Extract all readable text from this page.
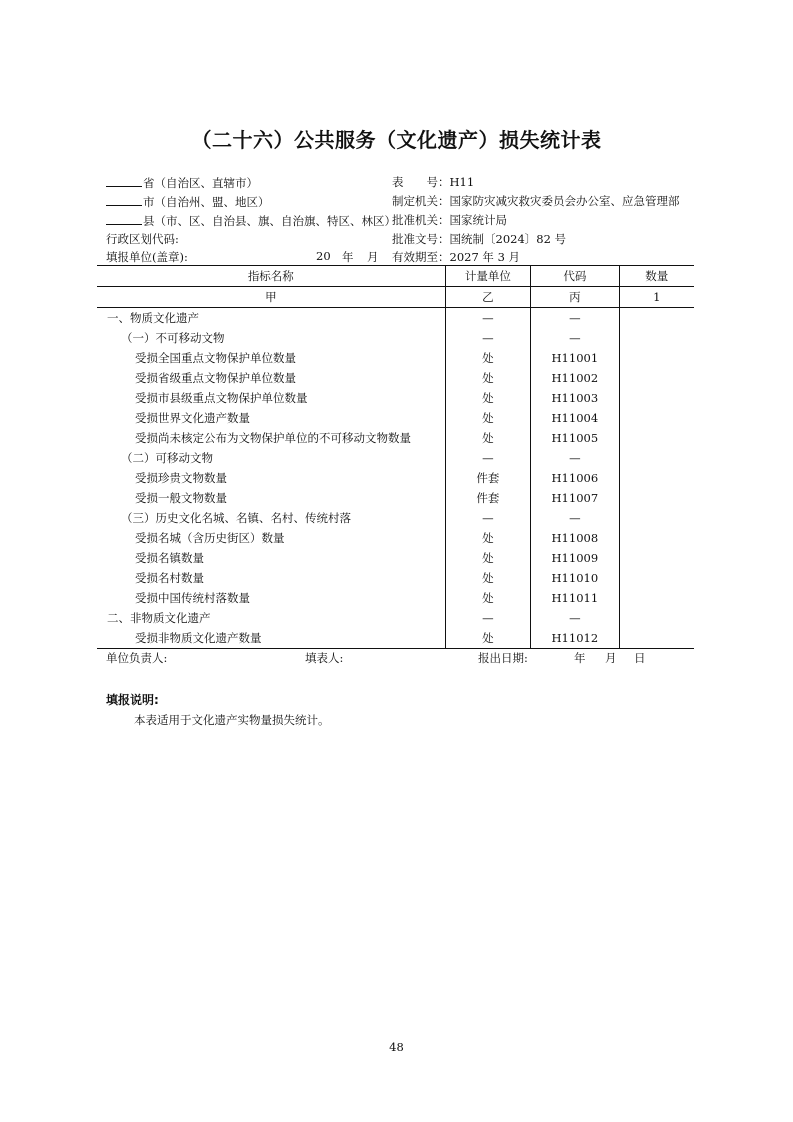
（二十六）公共服务（文化遗产）损失统计表
省（自治区、直辖市）
市（自治州、盟、地区）
县（市、区、自治县、旗、自治旗、特区、林区）
行政区划代码:
填报单位(盖章):	20 年 月
表　　号：H11
制定机关：国家防灾减灾救灾委员会办公室、应急管理部
批准机关：国家统计局
批准文号：国统制〔2024〕82 号
有效期至：2027 年 3 月
指标名称	计量单位	代码	数量
甲	乙	丙	1
一、物质文化遗产	—	—	
（一）不可移动文物	—	—	
受损全国重点文物保护单位数量	处	H11001	
受损省级重点文物保护单位数量	处	H11002	
受损市县级重点文物保护单位数量	处	H11003	
受损世界文化遗产数量	处	H11004	
受损尚未核定公布为文物保护单位的不可移动文物数量	处	H11005	
（二）可移动文物	—	—	
受损珍贵文物数量	件套	H11006	
受损一般文物数量	件套	H11007	
（三）历史文化名城、名镇、名村、传统村落	—	—	
受损名城（含历史街区）数量	处	H11008	
受损名镇数量	处	H11009	
受损名村数量	处	H11010	
受损中国传统村落数量	处	H11011	
二、非物质文化遗产	—	—	
受损非物质文化遗产数量	处	H11012	
单位负责人:	填表人:	报出日期:	年 月 日
填报说明:
本表适用于文化遗产实物量损失统计。
48
